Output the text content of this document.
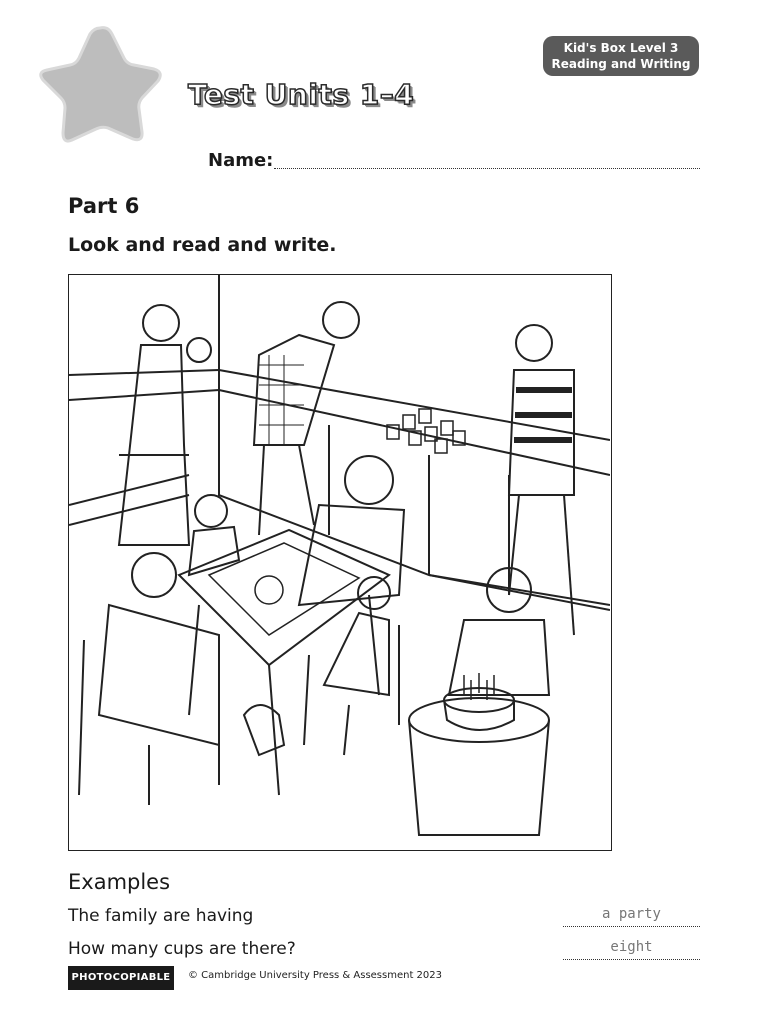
Kid's Box Level 3
Reading and Writing
Test Units 1–4
Name:
Part 6
Look and read and write.
Examples
The family are having	a party
How many cups are there?	eight
PHOTOCOPIABLE	© Cambridge University Press & Assessment 2023
